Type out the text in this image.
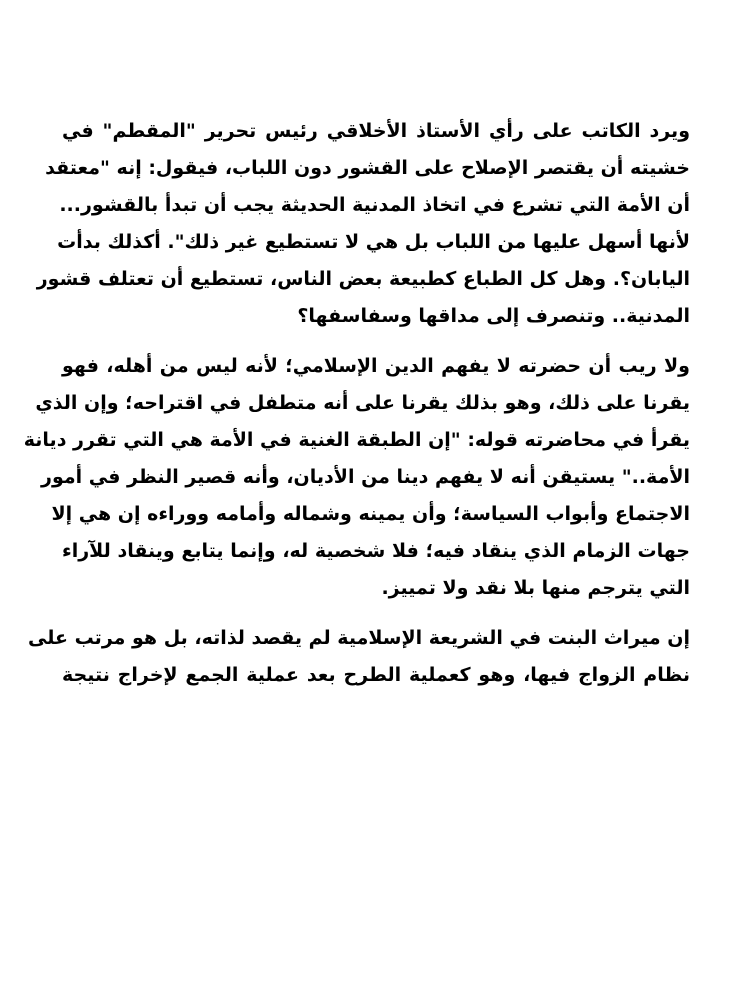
ويرد الكاتب على رأي الأستاذ الأخلاقي رئيس تحرير "المقطم" في
خشيته أن يقتصر الإصلاح على القشور دون اللباب، فيقول: إنه "معتقد
أن الأمة التي تشرع في اتخاذ المدنية الحديثة يجب أن تبدأ بالقشور...
لأنها أسهل عليها من اللباب بل هي لا تستطيع غير ذلك". أكذلك بدأت
اليابان؟. وهل كل الطباع كطبيعة بعض الناس، تستطيع أن تعتلف قشور
المدنية.. وتنصرف إلى مداقها وسفاسفها؟
ولا ريب أن حضرته لا يفهم الدين الإسلامي؛ لأنه ليس من أهله، فهو
يقرنا على ذلك، وهو بذلك يقرنا على أنه متطفل في اقتراحه؛ وإن الذي
يقرأ في محاضرته قوله: "إن الطبقة الغنية في الأمة هي التي تقرر ديانة
الأمة.." يستيقن أنه لا يفهم دينا من الأديان، وأنه قصير النظر في أمور
الاجتماع وأبواب السياسة؛ وأن يمينه وشماله وأمامه ووراءه إن هي إلا
جهات الزمام الذي ينقاد فيه؛ فلا شخصية له، وإنما يتابع وينقاد للآراء
التي يترجم منها بلا نقد ولا تمييز.
إن ميراث البنت في الشريعة الإسلامية لم يقصد لذاته، بل هو مرتب على
نظام الزواج فيها، وهو كعملية الطرح بعد عملية الجمع لإخراج نتيجة
